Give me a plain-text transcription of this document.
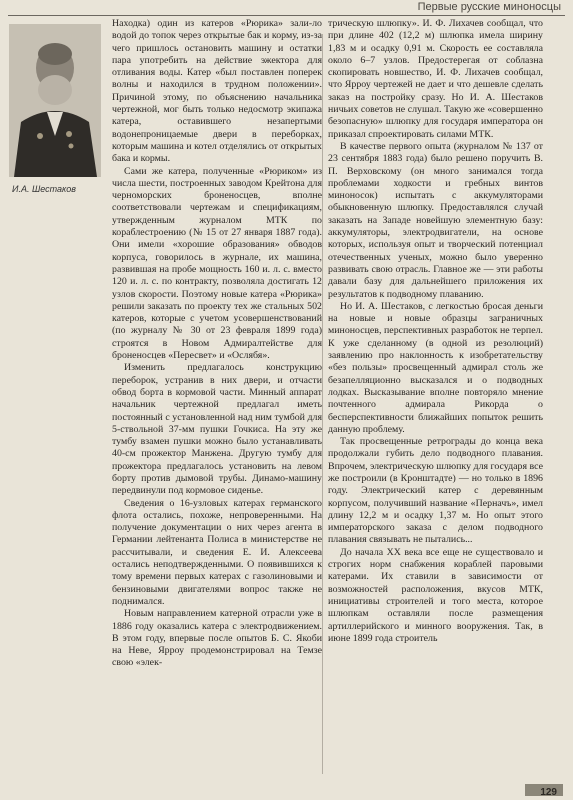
Первые русские миноносцы
И.А. Шестаков

Находка) один из катеров «Рюрика» зали-ло водой до топок через открытые бак и корму, из-за чего пришлось остановить машину и остатки пара употребить на действие эжектора для отливания воды. Катер «был поставлен поперек волны и находился в трудном положении». Причиной этому, по объяснению начальника чертежной, мог быть только недосмотр экипажа катера, оставившего незапертыми водонепроницаемые двери в переборках, которым машина и котел отделялись от открытых бака и кормы.

Сами же катера, полученные «Рюриком» из числа шести, построенных заводом Крейтона для черноморских броненосцев, вполне соответствовали чертежам и спецификациям, утвержденным журналом МТК по кораблестроению (№ 15 от 27 января 1887 года). Они имели «хорошие образования» обводов корпуса, говорилось в журнале, их машина, развившая на пробе мощность 160 и. л. с. вместо 120 и. л. с. по контракту, позволяла достигать 12 узлов скорости. Поэтому новые катера «Рюрика» решили заказать по проекту тех же стальных 502 катеров, которые с учетом усовершенствований (по журналу № 30 от 23 февраля 1899 года) строятся в Новом Адмиралтействе для броненосцев «Пересвет» и «Ослябя».

Изменить предлагалось конструкцию переборок, устранив в них двери, и отчасти обвод борта в кормовой части. Минный аппарат начальник чертежной предлагал иметь постоянный с установленной над ним тумбой для 5-ствольной 37-мм пушки Гочкиса. На эту же тумбу взамен пушки можно было устанавливать 40-см прожектор Манжена. Другую тумбу для прожектора предлагалось установить на левом борту против дымовой трубы. Динамо-машину передвинули под кормовое сиденье.

Сведения о 16-узловых катерах германского флота остались, похоже, непроверенными. На получение документации о них через агента в Германии лейтенанта Полиса в министерстве не рассчитывали, и сведения Е. И. Алексеева остались неподтвержденными. О появившихся к тому времени первых катерах с газолиновыми и бензиновыми двигателями вопрос также не поднимался.

Новым направлением катерной отрасли уже в 1886 году оказались катера с электродвижением. В этом году, впервые после опытов Б. С. Якоби на Неве, Ярроу продемонстрировал на Темзе свою «элек-

трическую шлюпку». И. Ф. Лихачев сообщал, что при длине 402 (12,2 м) шлюпка имела ширину 1,83 м и осадку 0,91 м. Скорость ее составляла около 6–7 узлов. Предостерегая от соблазна скопировать новшество, И. Ф. Лихачев сообщал, что Ярроу чертежей не дает и что дешевле сделать заказ на постройку сразу. Но И. А. Шестаков ничьих советов не слушал. Такую же «совершенно безопасную» шлюпку для государя императора он приказал спроектировать силами МТК.

В качестве первого опыта (журналом № 137 от 23 сентября 1883 года) было решено поручить В. П. Верховскому (он много занимался тогда проблемами ходкости и гребных винтов миноносок) испытать с аккумуляторами обыкновенную шлюпку. Предоставлялся случай заказать на Западе новейшую элементную базу: аккумуляторы, электродвигатели, на основе которых, используя опыт и творческий потенциал отечественных ученых, можно было уверенно развивать свою отрасль. Главное же — эти работы давали базу для дальнейшего приложения их результатов к подводному плаванию.

Но И. А. Шестаков, с легкостью бросая деньги на новые и новые образцы заграничных миноносцев, перспективных разработок не терпел. К уже сделанному (в одной из резолюций) заявлению про наклонность к изобретательству «без пользы» просвещенный адмирал столь же безапелляционно высказался и о подводных лодках. Высказывание вполне повторяло мнение почтенного адмирала Рикорда о бесперспективности ближайших попыток решить данную проблему.

Так просвещенные ретрограды до конца века продолжали губить дело подводного плавания. Впрочем, электрическую шлюпку для государя все же построили (в Кронштадте) — но только в 1896 году. Электрический катер с деревянным корпусом, получивший название «Перначъ», имел длину 12,2 м и осадку 1,37 м. Но опыт этого императорского заказа с делом подводного плавания связывать не пытались...

До начала XX века все еще не существовало и строгих норм снабжения кораблей паровыми катерами. Их ставили в зависимости от возможностей расположения, вкусов МТК, инициативы строителей и того места, которое шлюпкам оставляли после размещения артиллерийского и минного вооружения. Так, в июне 1899 года строитель

129
